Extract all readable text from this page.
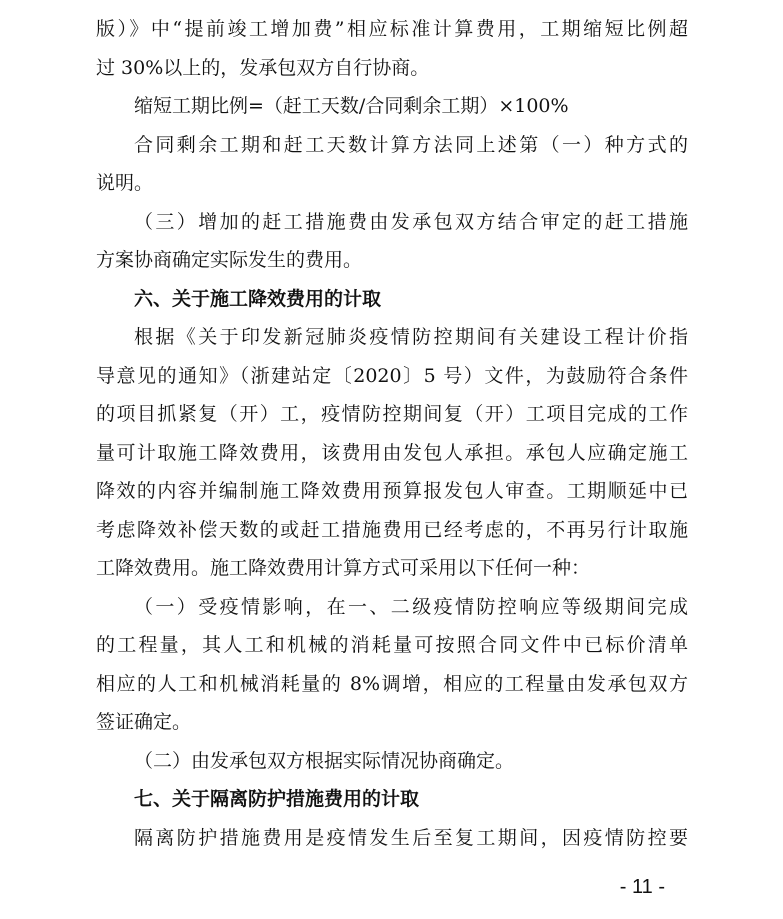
版）》中“提前竣工增加费”相应标准计算费用，工期缩短比例超
过 30%以上的，发承包双方自行协商。
缩短工期比例=（赶工天数/合同剩余工期）×100%
合同剩余工期和赶工天数计算方法同上述第（一）种方式的
说明。
（三）增加的赶工措施费由发承包双方结合审定的赶工措施
方案协商确定实际发生的费用。
六、关于施工降效费用的计取
根据《关于印发新冠肺炎疫情防控期间有关建设工程计价指
导意见的通知》（浙建站定〔2020〕5 号）文件，为鼓励符合条件
的项目抓紧复（开）工，疫情防控期间复（开）工项目完成的工作
量可计取施工降效费用，该费用由发包人承担。承包人应确定施工
降效的内容并编制施工降效费用预算报发包人审查。工期顺延中已
考虑降效补偿天数的或赶工措施费用已经考虑的，不再另行计取施
工降效费用。施工降效费用计算方式可采用以下任何一种：
（一）受疫情影响，在一、二级疫情防控响应等级期间完成
的工程量，其人工和机械的消耗量可按照合同文件中已标价清单
相应的人工和机械消耗量的 8%调增，相应的工程量由发承包双方
签证确定。
（二）由发承包双方根据实际情况协商确定。
七、关于隔离防护措施费用的计取
隔离防护措施费用是疫情发生后至复工期间，因疫情防控要
- 11 -
